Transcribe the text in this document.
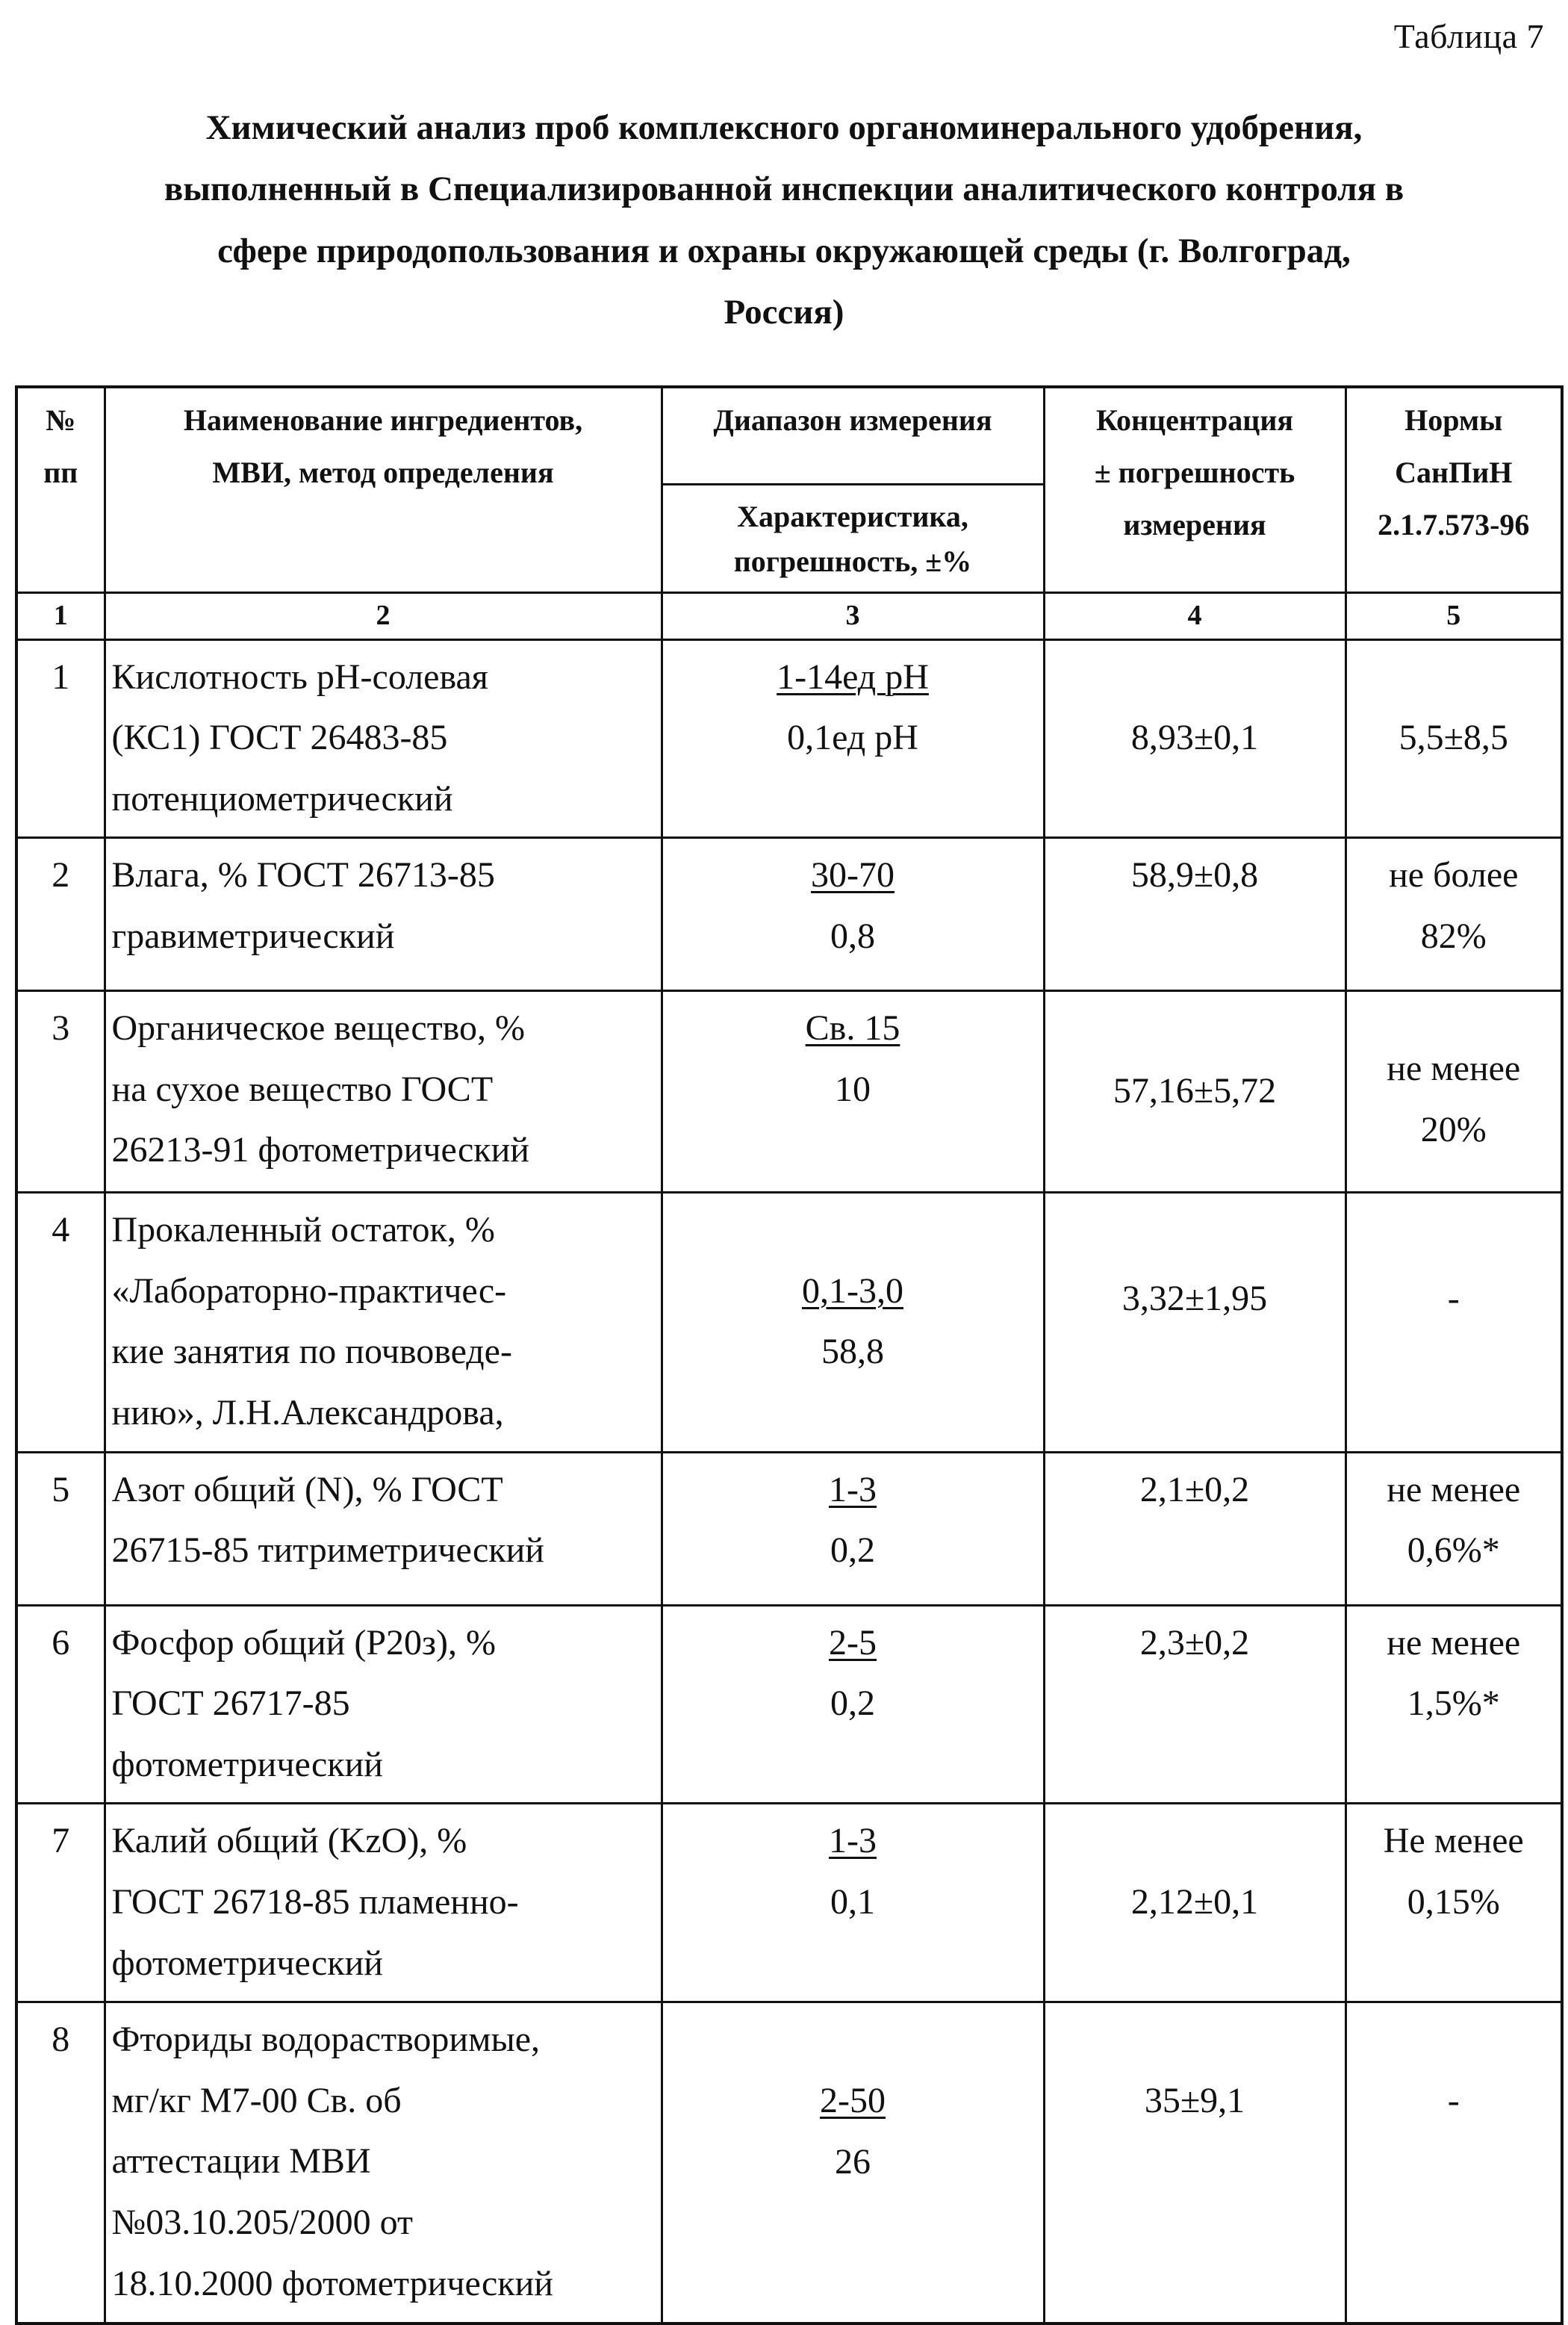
Таблица 7
Химический анализ проб комплексного органоминерального удобрения,
выполненный в Специализированной инспекции аналитического контроля в
сфере природопользования и охраны окружающей среды (г. Волгоград,
Россия)
№
пп	Наименование ингредиентов,
МВИ, метод определения	Диапазон измерения	Концентрация
± погрешность
измерения	Нормы
СанПиН
2.1.7.573-96
Характеристика,
погрешность, ±%
1	2	3	4	5
1	Кислотность рН-солевая
(КС1) ГОСТ 26483-85
потенциометрический	
1-14ед рН
0,1ед рН	8,93±0,1	5,5±8,5
2	Влага, % ГОСТ 26713-85
гравиметрический	
30-70
0,8
	58,9±0,8	не более
82%
3	Органическое вещество, %
на сухое вещество ГОСТ
26213-91 фотометрический	
Св. 15
10	57,16±5,72	не менее
20%
4	Прокаленный остаток, %
«Лабораторно-практичес-
кие занятия по почвоведе-
нию», Л.Н.Александрова,	
0,1-3,0
58,8
	3,32±1,95	-
5	Азот общий (N), % ГОСТ
26715-85 титриметрический	
1-3
0,2
	2,1±0,2	не менее
0,6%*
6	Фосфор общий (Р20з), %
ГОСТ 26717-85
фотометрический	
2-5
0,2
	2,3±0,2	не менее
1,5%*
7	Калий общий (KzO), %
ГОСТ 26718-85 пламенно-
фотометрический	
1-3
0,1	2,12±0,1	Не менее
0,15%
8	Фториды водорастворимые,
мг/кг М7-00 Св. об
аттестации МВИ
№03.10.205/2000 от
18.10.2000 фотометрический	
2-50
26
	35±9,1	-
